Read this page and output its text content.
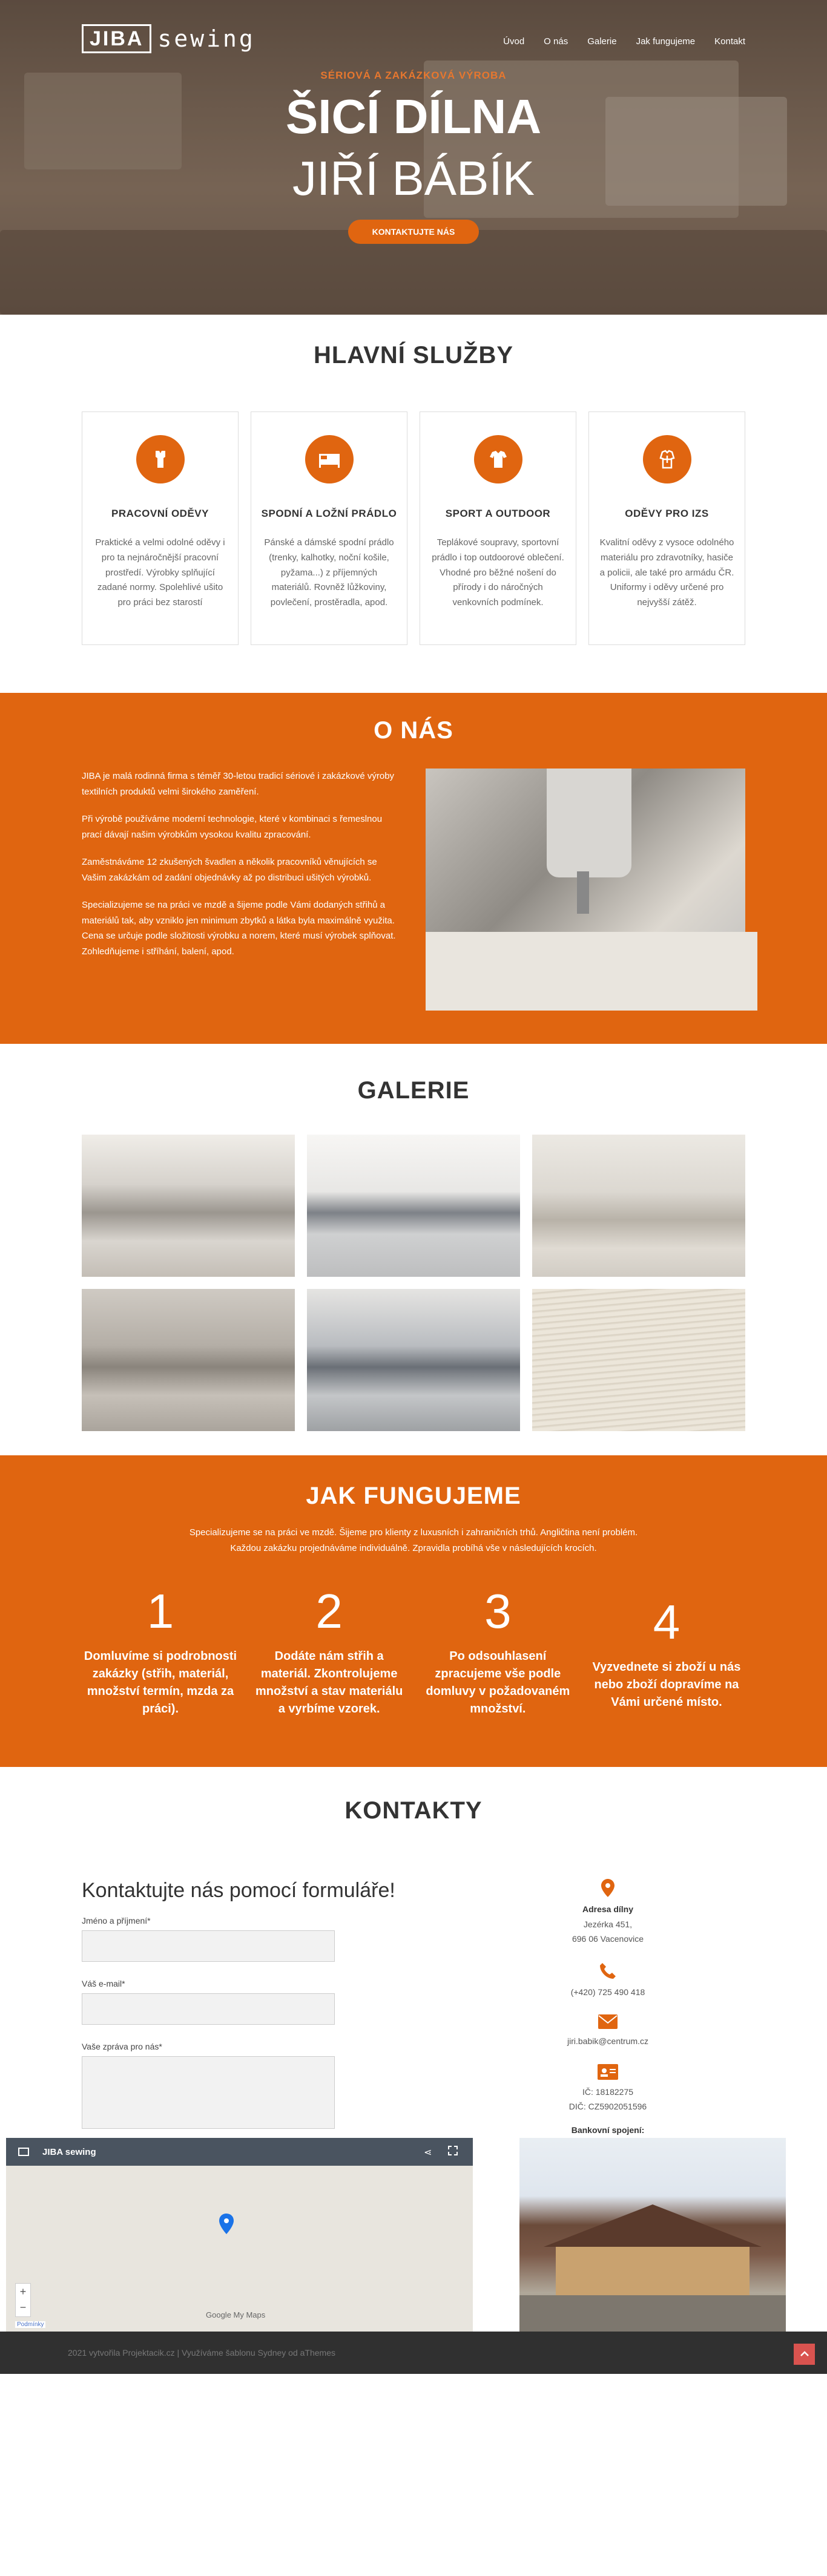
JIBA sewing	Úvod O nás Galerie Jak fungujeme Kontakt
SÉRIOVÁ A ZAKÁZKOVÁ VÝROBA
ŠICÍ DÍLNA
JIŘÍ BÁBÍK
KONTAKTUJTE NÁS
HLAVNÍ SLUŽBY
PRACOVNÍ ODĚVY
Praktické a velmi odolné oděvy i pro ta nejnáročnější pracovní prostředí. Výrobky splňující zadané normy. Spolehlivé ušito pro práci bez starostí
SPODNÍ A LOŽNÍ PRÁDLO
Pánské a dámské spodní prádlo (trenky, kalhotky, noční košile, pyžama...) z příjemných materiálů. Rovněž lůžkoviny, povlečení, prostěradla, apod.
SPORT A OUTDOOR
Teplákové soupravy, sportovní prádlo i top outdoorové oblečení. Vhodné pro běžné nošení do přírody i do náročných venkovních podmínek.
ODĚVY PRO IZS
Kvalitní oděvy z vysoce odolného materiálu pro zdravotníky, hasiče a policii, ale také pro armádu ČR. Uniformy i oděvy určené pro nejvyšší zátěž.
O NÁS

JIBA je malá rodinná firma s téměř 30-letou tradicí sériové i zakázkové výroby textilních produktů velmi širokého zaměření.

Při výrobě používáme moderní technologie, které v kombinaci s řemeslnou prací dávají našim výrobkům vysokou kvalitu zpracování.

Zaměstnáváme 12 zkušených švadlen a několik pracovníků věnujících se Vašim zakázkám od zadání objednávky až po distribuci ušitých výrobků.

Specializujeme se na práci ve mzdě a šijeme podle Vámi dodaných střihů a materiálů tak, aby vzniklo jen minimum zbytků a látka byla maximálně využita. Cena se určuje podle složitosti výrobku a norem, které musí výrobek splňovat. Zohledňujeme i stříhání, balení, apod.

GALERIE
JAK FUNGUJEME
Specializujeme se na práci ve mzdě. Šijeme pro klienty z luxusních i zahraničních trhů. Angličtina není problém.
Každou zakázku projednáváme individuálně. Zpravidla probíhá vše v následujících krocích.
1
Domluvíme si podrobnosti zakázky (střih, materiál, množství termín, mzda za práci).
2
Dodáte nám střih a materiál. Zkontrolujeme množství a stav materiálu a vyrbíme vzorek.
3
Po odsouhlasení zpracujeme vše podle domluvy v požadovaném množství.
4
Vyzvednete si zboží u nás nebo zboží dopravíme na Vámi určené místo.
KONTAKTY
Kontaktujte nás pomocí formuláře!
Jméno a příjmení*
Váš e-mail*
Vaše zpráva pro nás*
Adresa dílny
Jezérka 451,
696 06 Vacenovice
(+420) 725 490 418
jiri.babik@centrum.cz
IČ: 18182275
DIČ: CZ5902051596
Bankovní spojení:
JIBA sewing	⋖
+
−
Google My Maps
Podmínky
2021 vytvořila Projektacik.cz | Využíváme šablonu Sydney od aThemes
